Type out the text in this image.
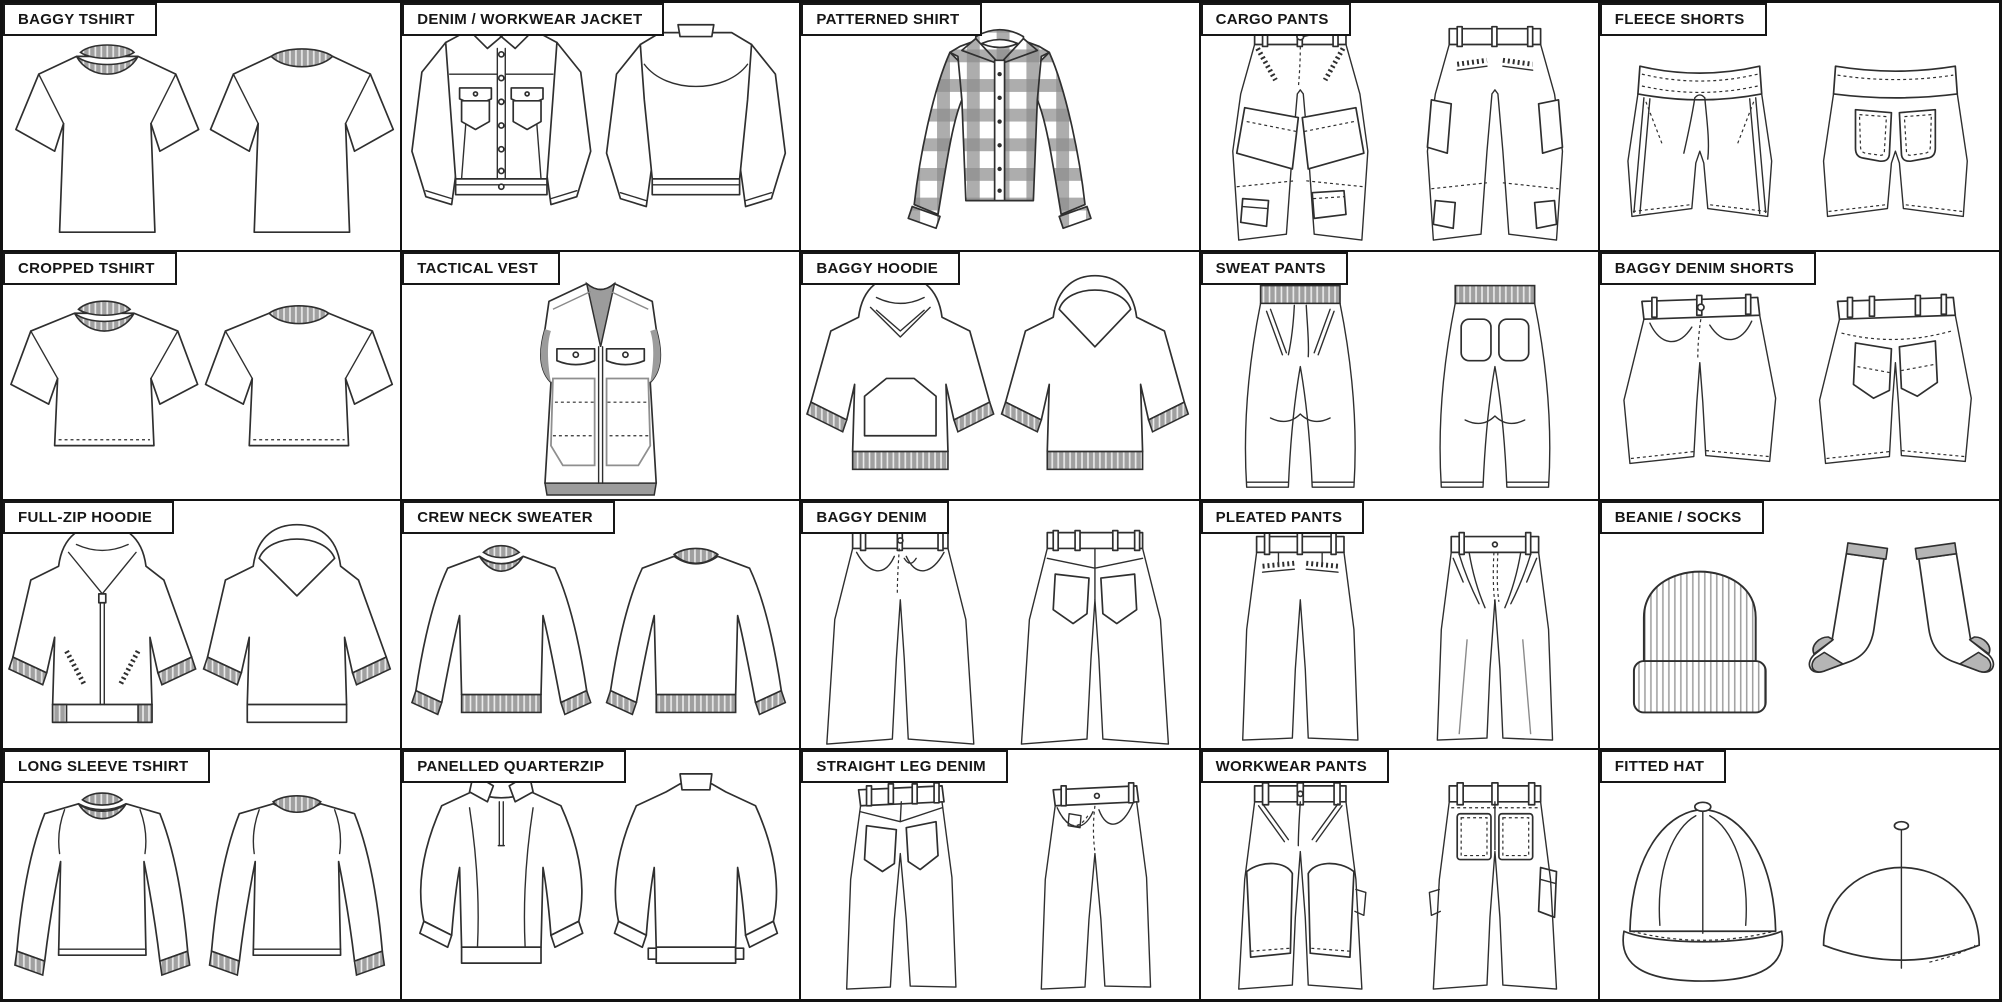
BAGGY TSHIRT	DENIM / WORKWEAR JACKET	PATTERNED SHIRT	CARGO PANTS	FLEECE SHORTS
CROPPED TSHIRT	TACTICAL VEST	BAGGY HOODIE	SWEAT PANTS	BAGGY DENIM SHORTS
FULL-ZIP HOODIE	CREW NECK SWEATER	BAGGY DENIM	PLEATED PANTS	BEANIE / SOCKS
LONG SLEEVE TSHIRT	PANELLED QUARTERZIP	STRAIGHT LEG DENIM	WORKWEAR PANTS	FITTED HAT
